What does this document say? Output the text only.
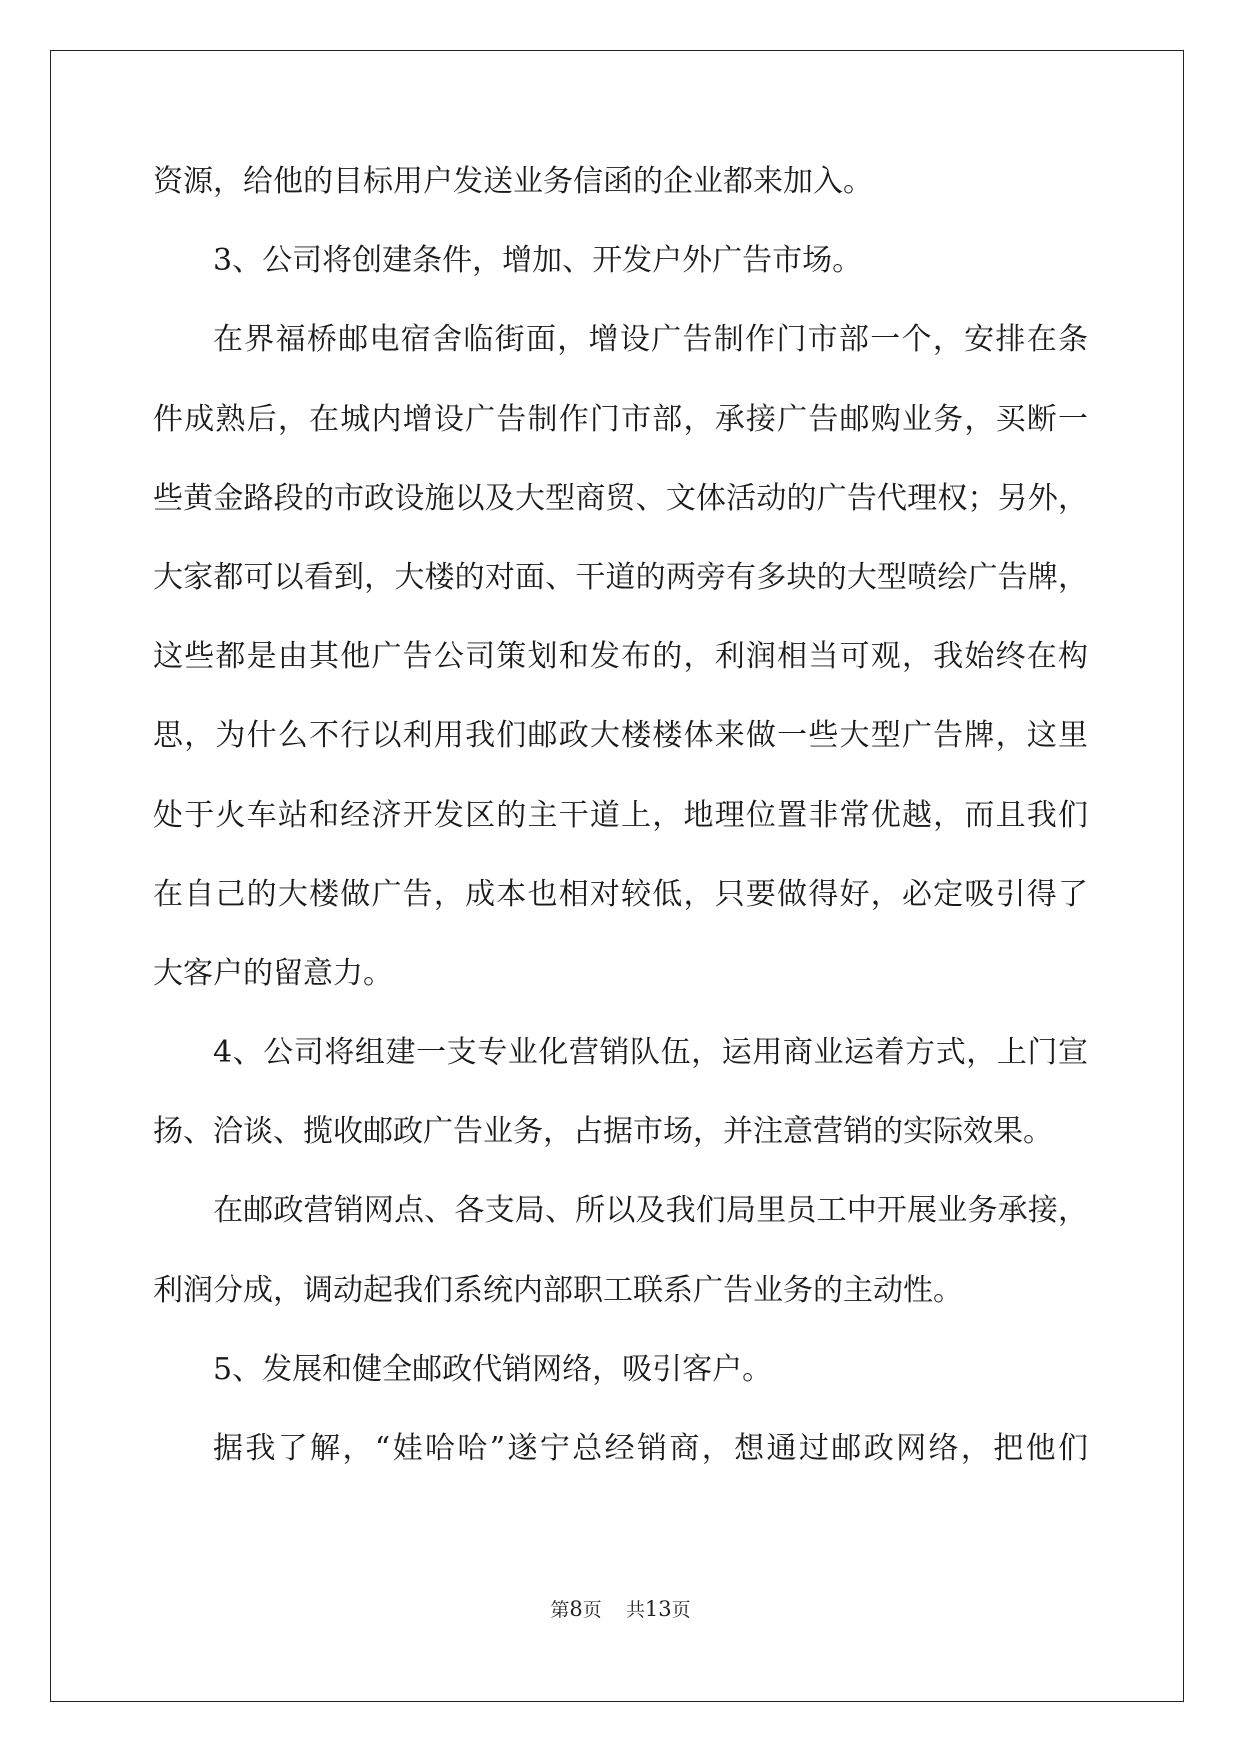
资源，给他的目标用户发送业务信函的企业都来加入。
3、公司将创建条件，增加、开发户外广告市场。
在界福桥邮电宿舍临街面，增设广告制作门市部一个，安排在条
件成熟后，在城内增设广告制作门市部，承接广告邮购业务，买断一
些黄金路段的市政设施以及大型商贸、文体活动的广告代理权；另外，
大家都可以看到，大楼的对面、干道的两旁有多块的大型喷绘广告牌，
这些都是由其他广告公司策划和发布的，利润相当可观，我始终在构
思，为什么不行以利用我们邮政大楼楼体来做一些大型广告牌，这里
处于火车站和经济开发区的主干道上，地理位置非常优越，而且我们
在自己的大楼做广告，成本也相对较低，只要做得好，必定吸引得了
大客户的留意力。
4、公司将组建一支专业化营销队伍，运用商业运着方式，上门宣
扬、洽谈、揽收邮政广告业务，占据市场，并注意营销的实际效果。
在邮政营销网点、各支局、所以及我们局里员工中开展业务承接，
利润分成，调动起我们系统内部职工联系广告业务的主动性。
5、发展和健全邮政代销网络，吸引客户。
据我了解，“娃哈哈”遂宁总经销商，想通过邮政网络，把他们
第8页 共13页
